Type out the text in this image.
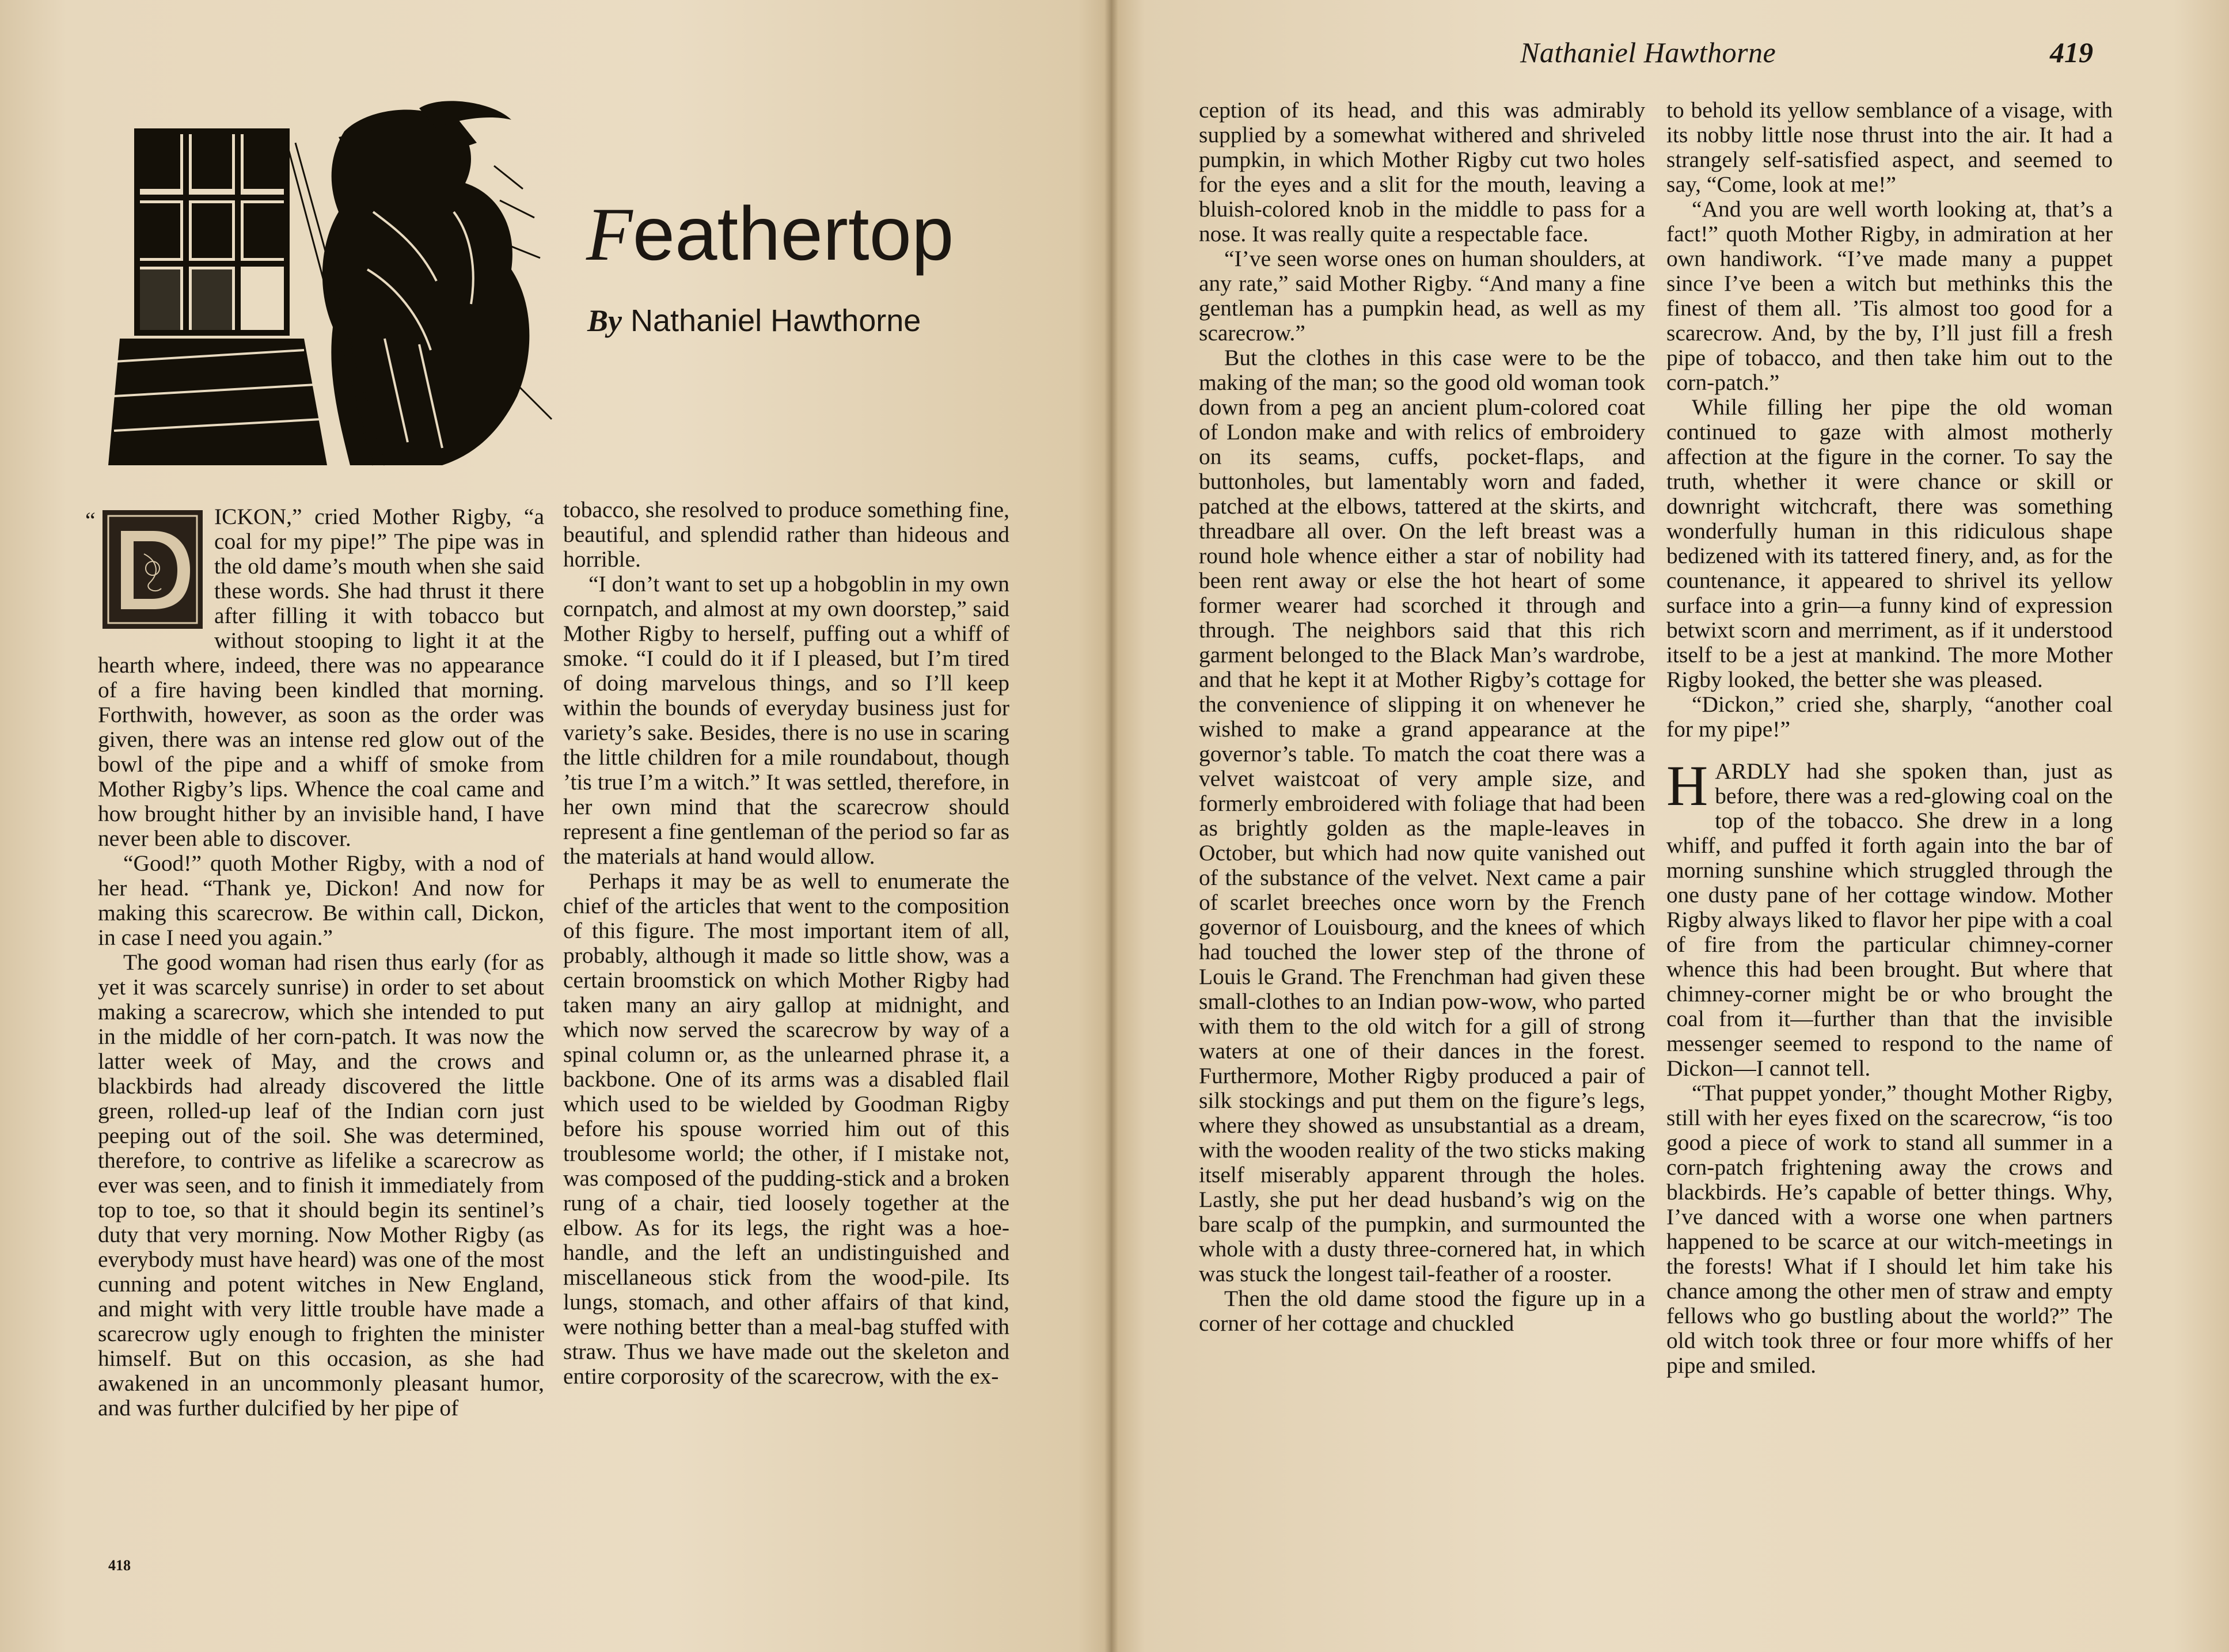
Feathertop
By Nathaniel Hawthorne
“	ICKON,” cried Mother Rigby, “a coal for my pipe!” The pipe was in the old dame’s mouth when she said these words. She had thrust it there after filling it with tobacco but without stooping to light it at the hearth where, indeed, there was no appearance of a fire having been kindled that morning. Forthwith, however, as soon as the order was given, there was an intense red glow out of the bowl of the pipe and a whiff of smoke from Mother Rigby’s lips. Whence the coal came and how brought hither by an invisible hand, I have never been able to discover.

“Good!” quoth Mother Rigby, with a nod of her head. “Thank ye, Dickon! And now for making this scarecrow. Be within call, Dickon, in case I need you again.”

The good woman had risen thus early (for as yet it was scarcely sunrise) in order to set about making a scarecrow, which she intended to put in the middle of her corn-patch. It was now the latter week of May, and the crows and blackbirds had already discovered the little green, rolled-up leaf of the Indian corn just peeping out of the soil. She was determined, therefore, to contrive as lifelike a scarecrow as ever was seen, and to finish it immediately from top to toe, so that it should begin its sentinel’s duty that very morning. Now Mother Rigby (as everybody must have heard) was one of the most cunning and potent witches in New England, and might with very little trouble have made a scarecrow ugly enough to frighten the minister himself. But on this occasion, as she had awakened in an uncommonly pleasant humor, and was further dulcified by her pipe of

tobacco, she resolved to produce something fine, beautiful, and splendid rather than hideous and horrible.

“I don’t want to set up a hobgoblin in my own cornpatch, and almost at my own doorstep,” said Mother Rigby to herself, puffing out a whiff of smoke. “I could do it if I pleased, but I’m tired of doing marvelous things, and so I’ll keep within the bounds of everyday business just for variety’s sake. Besides, there is no use in scaring the little children for a mile roundabout, though ’tis true I’m a witch.” It was settled, therefore, in her own mind that the scarecrow should represent a fine gentleman of the period so far as the materials at hand would allow.

Perhaps it may be as well to enumerate the chief of the articles that went to the composition of this figure. The most important item of all, probably, although it made so little show, was a certain broomstick on which Mother Rigby had taken many an airy gallop at midnight, and which now served the scarecrow by way of a spinal column or, as the unlearned phrase it, a backbone. One of its arms was a disabled flail which used to be wielded by Goodman Rigby before his spouse worried him out of this troublesome world; the other, if I mistake not, was composed of the pudding-stick and a broken rung of a chair, tied loosely together at the elbow. As for its legs, the right was a hoe-handle, and the left an undistinguished and miscellaneous stick from the wood-pile. Its lungs, stomach, and other affairs of that kind, were nothing better than a meal-bag stuffed with straw. Thus we have made out the skeleton and entire corporosity of the scarecrow, with the ex-

ception of its head, and this was admirably supplied by a somewhat withered and shriveled pumpkin, in which Mother Rigby cut two holes for the eyes and a slit for the mouth, leaving a bluish-colored knob in the middle to pass for a nose. It was really quite a respectable face.

“I’ve seen worse ones on human shoulders, at any rate,” said Mother Rigby. “And many a fine gentleman has a pumpkin head, as well as my scarecrow.”

But the clothes in this case were to be the making of the man; so the good old woman took down from a peg an ancient plum-colored coat of London make and with relics of embroidery on its seams, cuffs, pocket-flaps, and buttonholes, but lamentably worn and faded, patched at the elbows, tattered at the skirts, and threadbare all over. On the left breast was a round hole whence either a star of nobility had been rent away or else the hot heart of some former wearer had scorched it through and through. The neighbors said that this rich garment belonged to the Black Man’s wardrobe, and that he kept it at Mother Rigby’s cottage for the convenience of slipping it on whenever he wished to make a grand appearance at the governor’s table. To match the coat there was a velvet waistcoat of very ample size, and formerly embroidered with foliage that had been as brightly golden as the maple-leaves in October, but which had now quite vanished out of the substance of the velvet. Next came a pair of scarlet breeches once worn by the French governor of Louisbourg, and the knees of which had touched the lower step of the throne of Louis le Grand. The Frenchman had given these small-clothes to an Indian pow-wow, who parted with them to the old witch for a gill of strong waters at one of their dances in the forest. Furthermore, Mother Rigby produced a pair of silk stockings and put them on the figure’s legs, where they showed as unsubstantial as a dream, with the wooden reality of the two sticks making itself miserably apparent through the holes. Lastly, she put her dead husband’s wig on the bare scalp of the pumpkin, and surmounted the whole with a dusty three-cornered hat, in which was stuck the longest tail-feather of a rooster.

Then the old dame stood the figure up in a corner of her cottage and chuckled

to behold its yellow semblance of a visage, with its nobby little nose thrust into the air. It had a strangely self-satisfied aspect, and seemed to say, “Come, look at me!”

“And you are well worth looking at, that’s a fact!” quoth Mother Rigby, in admiration at her own handiwork. “I’ve made many a puppet since I’ve been a witch but methinks this the finest of them all. ’Tis almost too good for a scarecrow. And, by the by, I’ll just fill a fresh pipe of tobacco, and then take him out to the corn-patch.”

While filling her pipe the old woman continued to gaze with almost motherly affection at the figure in the corner. To say the truth, whether it were chance or skill or downright witchcraft, there was something wonderfully human in this ridiculous shape bedizened with its tattered finery, and, as for the countenance, it appeared to shrivel its yellow surface into a grin—a funny kind of expression betwixt scorn and merriment, as if it understood itself to be a jest at mankind. The more Mother Rigby looked, the better she was pleased.

“Dickon,” cried she, sharply, “another coal for my pipe!”

HARDLY had she spoken than, just as before, there was a red-glowing coal on the top of the tobacco. She drew in a long whiff, and puffed it forth again into the bar of morning sunshine which struggled through the one dusty pane of her cottage window. Mother Rigby always liked to flavor her pipe with a coal of fire from the particular chimney-corner whence this had been brought. But where that chimney-corner might be or who brought the coal from it—further than that the invisible messenger seemed to respond to the name of Dickon—I cannot tell.

“That puppet yonder,” thought Mother Rigby, still with her eyes fixed on the scarecrow, “is too good a piece of work to stand all summer in a corn-patch frightening away the crows and blackbirds. He’s capable of better things. Why, I’ve danced with a worse one when partners happened to be scarce at our witch-meetings in the forests! What if I should let him take his chance among the other men of straw and empty fellows who go bustling about the world?” The old witch took three or four more whiffs of her pipe and smiled.

Nathaniel Hawthorne	419
418
